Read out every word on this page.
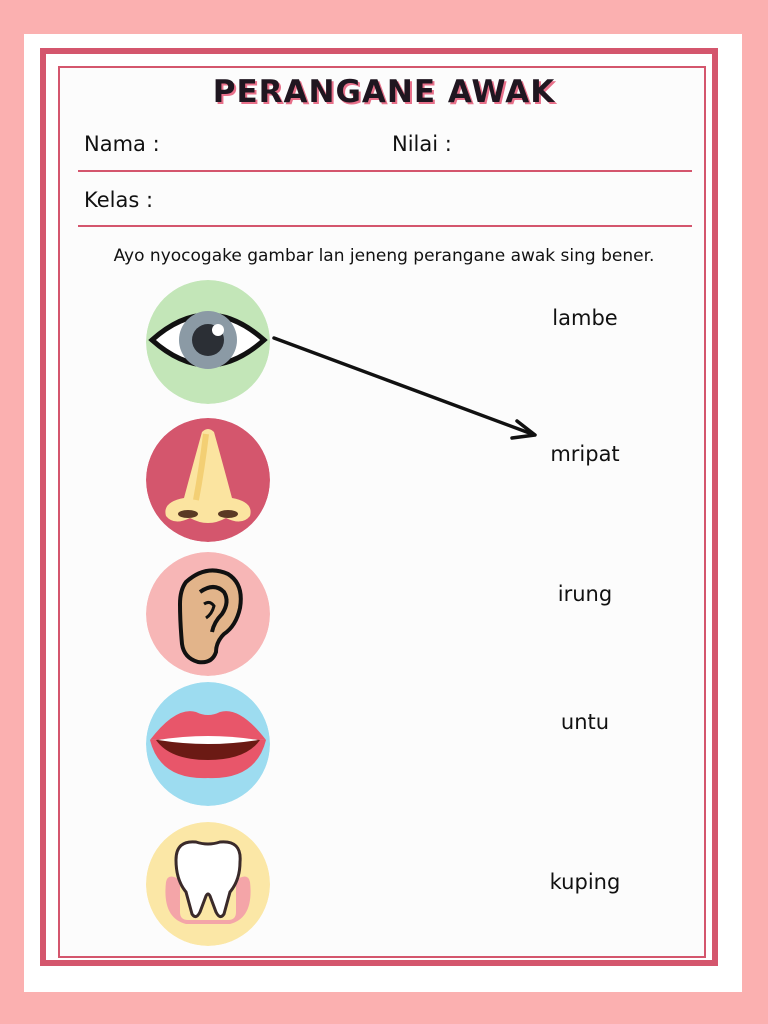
PERANGANE AWAK
Nama :	Nilai :
Kelas :
Ayo nyocogake gambar lan jeneng perangane awak sing bener.
lambe
mripat
irung
untu
kuping
